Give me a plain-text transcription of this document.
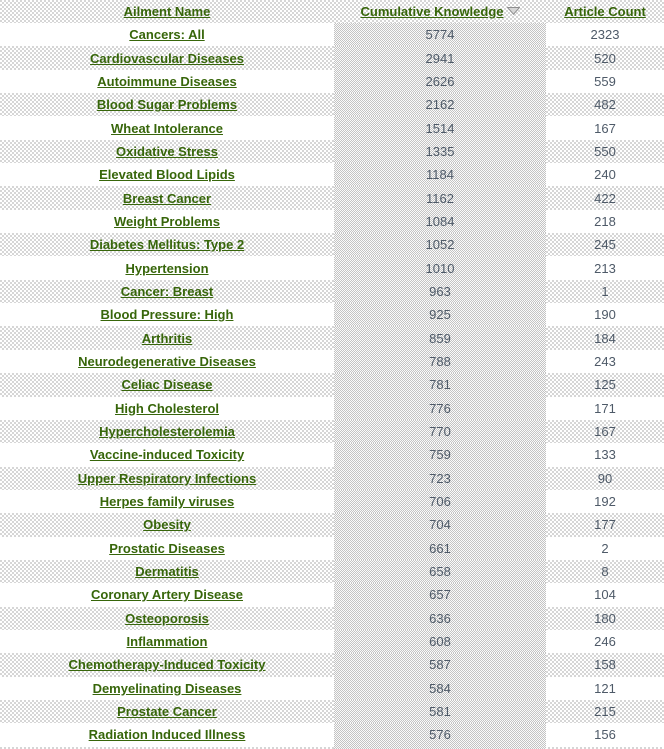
Ailment Name	Cumulative Knowledge	Article Count
Cancers: All	5774	2323
Cardiovascular Diseases	2941	520
Autoimmune Diseases	2626	559
Blood Sugar Problems	2162	482
Wheat Intolerance	1514	167
Oxidative Stress	1335	550
Elevated Blood Lipids	1184	240
Breast Cancer	1162	422
Weight Problems	1084	218
Diabetes Mellitus: Type 2	1052	245
Hypertension	1010	213
Cancer: Breast	963	1
Blood Pressure: High	925	190
Arthritis	859	184
Neurodegenerative Diseases	788	243
Celiac Disease	781	125
High Cholesterol	776	171
Hypercholesterolemia	770	167
Vaccine-induced Toxicity	759	133
Upper Respiratory Infections	723	90
Herpes family viruses	706	192
Obesity	704	177
Prostatic Diseases	661	2
Dermatitis	658	8
Coronary Artery Disease	657	104
Osteoporosis	636	180
Inflammation	608	246
Chemotherapy-Induced Toxicity	587	158
Demyelinating Diseases	584	121
Prostate Cancer	581	215
Radiation Induced Illness	576	156
